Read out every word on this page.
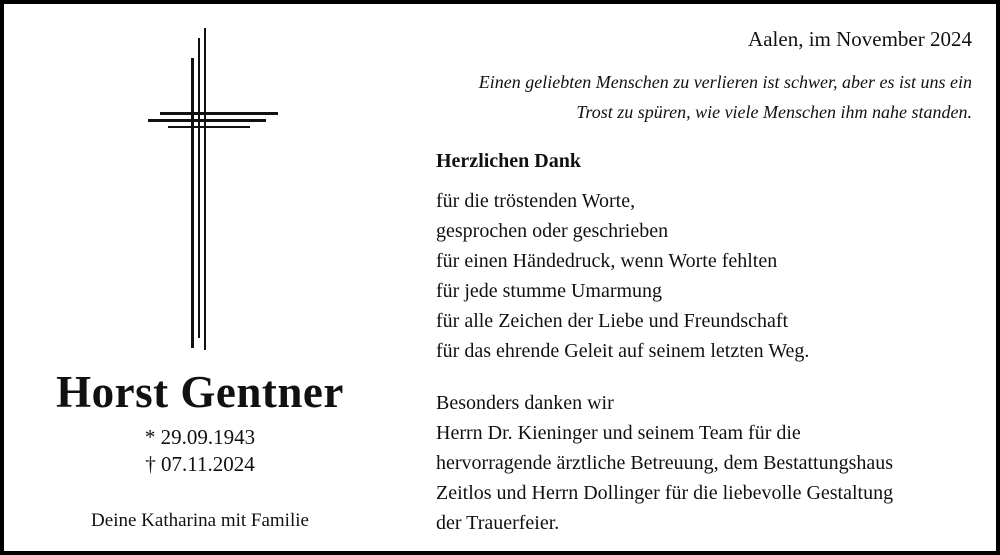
Horst Gentner
* 29.09.1943
† 07.11.2024
Deine Katharina mit Familie
Aalen, im November 2024
Einen geliebten Menschen zu verlieren ist schwer, aber es ist uns ein
Trost zu spüren, wie viele Menschen ihm nahe standen.
Herzlichen Dank
für die tröstenden Worte,
gesprochen oder geschrieben
für einen Händedruck, wenn Worte fehlten
für jede stumme Umarmung
für alle Zeichen der Liebe und Freundschaft
für das ehrende Geleit auf seinem letzten Weg.
Besonders danken wir
Herrn Dr. Kieninger und seinem Team für die
hervorragende ärztliche Betreuung, dem Bestattungshaus
Zeitlos und Herrn Dollinger für die liebevolle Gestaltung
der Trauerfeier.
